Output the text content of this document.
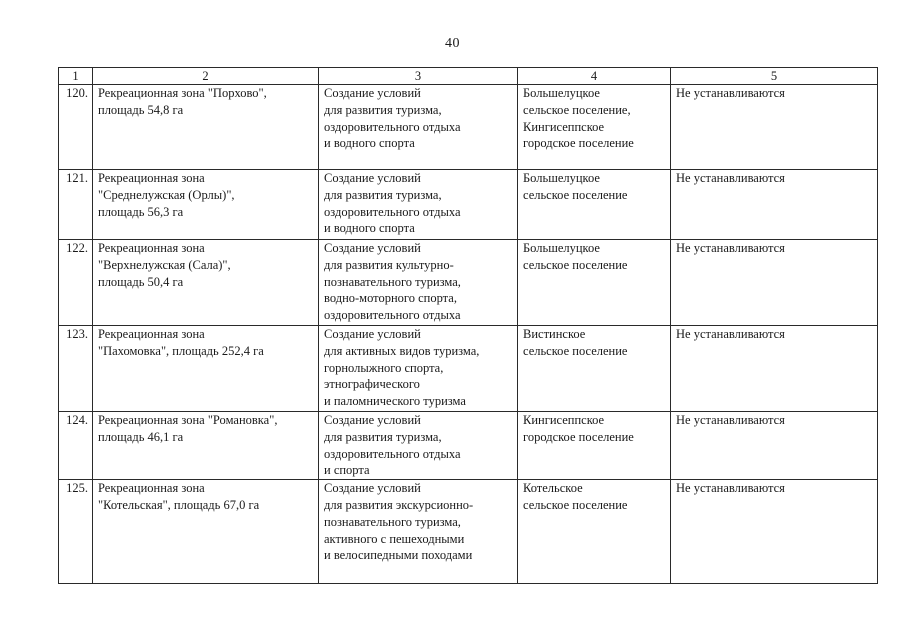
40
1	2	3	4	5
120.	Рекреационная зона "Порхово",
площадь 54,8 га	Создание условий
для развития туризма,
оздоровительного отдыха
и водного спорта	Большелуцкое
сельское поселение,
Кингисеппское
городское поселение	Не устанавливаются
121.	Рекреационная зона
"Среднелужская (Орлы)",
площадь 56,3 га	Создание условий
для развития туризма,
оздоровительного отдыха
и водного спорта	Большелуцкое
сельское поселение	Не устанавливаются
122.	Рекреационная зона
"Верхнелужская (Сала)",
площадь 50,4 га	Создание условий
для развития культурно-
познавательного туризма,
водно-моторного спорта,
оздоровительного отдыха	Большелуцкое
сельское поселение	Не устанавливаются
123.	Рекреационная зона
"Пахомовка", площадь 252,4 га	Создание условий
для активных видов туризма,
горнолыжного спорта,
этнографического
и паломнического туризма	Вистинское
сельское поселение	Не устанавливаются
124.	Рекреационная зона "Романовка",
площадь 46,1 га	Создание условий
для развития туризма,
оздоровительного отдыха
и спорта	Кингисеппское
городское поселение	Не устанавливаются
125.	Рекреационная зона
"Котельская", площадь 67,0 га	Создание условий
для развития экскурсионно-
познавательного туризма,
активного с пешеходными
и велосипедными походами	Котельское
сельское поселение	Не устанавливаются
